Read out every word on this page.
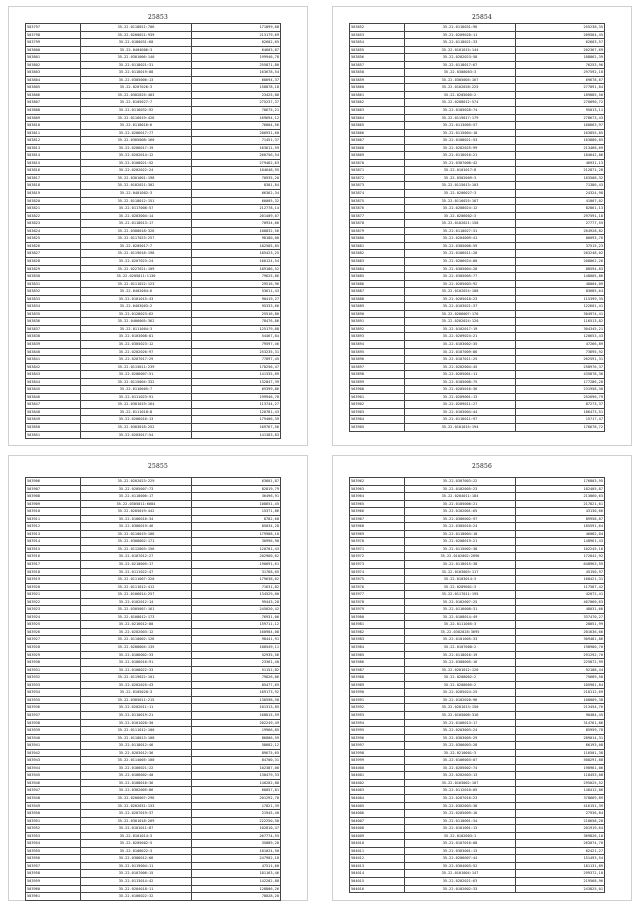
25853
503797	35.22.0118021:706	171899,68
503798	35.22.0200021:939	213179,69
503799	35.22.0180031:68	62602,65
503800	35.22.0404006:3	64603,87
503801	35.22.0301006:140	199946,78
503802	35.22.0118021:31	255871,80
503803	35.22.0118019:88	163678,54
503804	35.22.0305006:13	68694,37
503805	35.22.0207026:3	158878,18
503806	35.22.0302025:403	23425,80
503807	35.22.0105027:7	275237,37
503808	35.22.0116032:92	70675,21
503809	35.22.0116019:426	169694,12
503810	35.22.0118016:6	76804,56
503811	35.22.0206017:77	280931,60
503812	35.22.0305008:160	71451,37
503813	35.22.0206017:19	163611,59
503814	35.22.0202014:12	260756,54
503815	35.22.0108021:52	279462,63
503816	35.22.0202022:24	104648,95
503817	35.22.0301001:198	70935,20
503818	35.22.0102021:302	8301,84
503819	35.22.0401002:3	66362,34
503820	35.22.0118012:151	60005,32
503821	35.22.0117008:57	212778,14
503822	35.22.0203004:14	201409,07
503823	35.22.0118013:17	70934,66
503824	35.22.0308018:326	188832,56
503825	35.22.0117023:257	98180,00
503826	35.22.0205017:7	182585,85
503827	35.22.0119018:198	185423,25
503828	35.22.0207023:24	160124,54
503829	35.22.0227021:109	189186,52
503830	35.22.0205011:1130	79625,86
503831	35.22.0111022:123	29516,96
503832	35.22.0402004:6	53611,43
503833	35.22.0101015:43	90419,27
503834	35.22.0403003:2	95333,66
503835	35.22.0128023:62	25516,80
503836	35.22.0406005:362	78476,86
503837	35.22.0111004:3	125179,88
503838	35.22.0103008:81	54467,84
503839	35.22.0305023:12	79597,46
503840	35.22.0202026:97	253235,31
503841	35.22.0207017:29	77897,45
503842	35.22.0115011:239	178256,47
503843	35.22.0206007:51	141335,89
503844	35.22.0115004:332	132847,39
503845	35.22.0110005:7	65399,86
503846	35.22.0111023:91	199946,78
503847	35.22.0301019:164	113744,27
503848	35.22.0111018:8	120781,43
503849	35.22.0206016:13	179406,39
503850	35.22.0303018:252	169767,56
503851	35.22.0203017:54	141383,83
25854
503852	35.22.0116031:96	255238,35
503853	35.22.0209020:11	209564,45
503854	35.22.0118021:33	62603,57
503855	35.22.0101015:144	202367,69
503856	35.22.0202023:58	188862,39
503857	35.22.0118017:67	76253,96
503858	35.22.0308003:3	297592,18
503859	35.22.0305005:167	69678,67
503860	35.22.0102028:225	277891,84
503861	35.22.0205005:2	189885,50
503862	35.22.0208012:574	270090,72
503863	35.22.0105028:74	95013,11
503864	35.22.0119017:179	278673,43
503865	35.22.0113005:57	160663,97
503866	35.22.0115004:18	163855,85
503867	35.22.0108021:53	163880,85
503868	35.22.0202025:99	213468,69
503869	35.22.0116016:21	184642,86
503870	35.22.0307006:42	46931,13
503871	35.22.0101017:8	212871,28
503872	35.22.0302009:3	183508,32
503873	35.22.0115013:103	71386,43
503874	35.22.0206027:3	24324,98
503875	35.22.0116025:167	41007,02
503876	35.22.0208024:12	82861,13
503877	35.22.0206002:3	297591,18
503878	35.22.0102021:158	27777,55
503879	35.22.0110027:31	264928,82
503880	35.22.0204009:41	80093,76
503881	35.22.0305006:59	37515,23
503882	35.22.0106011:28	263248,02
503883	35.22.0206024:80	208062,26
503884	35.22.0305004:28	88594,83
503885	35.22.0305005:77	148005,86
503886	35.22.0205003:92	48004,09
503887	35.22.0102024:108	83685,64
503888	35.22.0205018:23	115399,35
503889	35.22.0103021:37	122601,41
503890	35.22.0206007:170	304974,41
503891	35.22.0202024:120	116513,82
503892	35.22.0102017:19	304345,21
503893	35.22.0209024:21	120653,43
503894	35.22.0103002:35	47266,89
503895	35.22.0107009:86	73695,92
503896	35.22.0107011:25	262591,31
503897	35.22.0202004:45	258976,37
503898	35.22.0205001:11	435878,36
503899	35.22.0105008:75	177286,20
503900	35.22.0205016:36	231958,30
503901	35.22.0209001:13	252696,79
503902	35.22.0209011:27	87273,37
503903	35.22.0103004:44	186473,51
503904	35.22.0116011:97	15717,47
503905	35.22.0101015:194	176678,72
25855
503906	35.22.0202023:229	63601,87
503907	35.22.0205007:73	82819,79
503908	35.22.0110006:17	36496,91
503909	35.22.0305011:6684	108651,45
503910	35.22.0205019:442	15371,86
503911	35.22.0106016:34	8782,60
503912	35.22.0306019:46	85034,28
503913	35.22.0110019:106	179988,10
503914	35.22.0308002:171	30996,90
503915	35.22.0112003:156	120701,43
503916	35.22.0107012:27	202960,62
503917	35.22.0210005:17	190691,61
503918	35.22.0111022:47	31768,65
503919	35.22.0111007:320	179638,62
503920	35.22.0111012:412	71631,82
503921	35.22.0106014:257	134529,00
503922	35.22.0102012:14	99443,20
503923	35.22.0305007:161	245020,42
503924	35.22.0108012:173	76931,06
503925	35.22.0216012:80	159711,12
503926	35.22.0202003:12	160904,08
503927	35.22.0110002:126	98441,91
503928	35.22.0208004:135	180549,11
503929	35.22.0106002:33	52935,56
503930	35.22.0106016:91	23361,40
503931	35.22.0108022:33	51151,82
503932	35.22.0119022:101	79826,86
503933	35.22.0202025:43	85477,65
503934	35.22.0105020:3	169173,92
503935	35.22.0305011:215	138598,58
503936	35.22.0202011:11	101313,85
503937	35.22.0110019:21	168815,59
503938	35.22.0101020:30	202249,49
503939	35.22.0111012:100	19966,85
503940	35.22.0118013:108	86806,59
503941	35.22.0118012:46	58682,12
503942	35.22.0203012:36	89675,65
503943	35.22.0114005:100	84700,31
503944	35.22.0106021:22	102387,00
503945	35.22.0106002:40	130479,33
503946	35.22.0108016:36	140202,88
503947	35.22.0302005:86	60057,81
503948	35.22.0206007:296	201292,78
503949	35.22.0202031:133	17821,39
503950	35.22.0207019:37	21945,40
503951	35.22.0301018:209	222250,58
503952	35.22.0101011:87	102810,47
503953	35.22.0101014:3	267774,55
503954	35.22.0205002:5	35889,28
503955	35.22.0108022:3	181024,50
503956	35.22.0306012:66	247902,18
503957	35.22.0119004:11	47511,60
503958	35.22.0107006:15	181163,46
503959	35.22.0113014:42	142202,88
503960	35.22.0204018:11	128806,26
503961	35.22.0106022:32	78028,20
25856
503962	35.22.0307003:22	176803,95
503963	35.22.0102005:23	182405,87
503964	35.22.0204011:184	213060,63
503965	35.22.0105006:21	217821,61
503966	35.22.0102001:65	43130,66
503967	35.22.0306002:97	89958,87
503968	35.22.0305010:24	185591,64
503969	35.22.0110004:18	46082,04
503970	35.22.0208019:21	148961,43
503971	35.22.0115002:38	102245,16
503972	35.22.0102002:2696	172042,92
503973	35.22.0118015:38	648963,55
503974	35.22.0103003:117	45150,97
503975	35.22.0103014:3	168421,31
503976	35.22.0209001:3	117587,42
503977	35.22.0117011:195	42072,41
503978	35.22.0102007:25	467060,63
503979	35.22.0116008:31	48031,66
503980	35.22.0108014:49	337470,27
503981	35.22.0111005:3	28051,99
503982	35.22.0302028:3695	201636,66
503983	35.22.0101005:33	309481,86
503984	35.22.0107008:2	198980,70
503985	35.22.0118016:19	291292,70
503986	35.22.0300005:16	225872,99
503987	35.22.0201012:120	92108,44
503988	35.22.0208002:2	75689,58
503989	35.22.0208005:2	105901,84
503990	35.22.0205024:25	218112,69
503991	35.22.0102020:96	108009,38
503992	35.22.0201013:150	213454,76
503993	35.22.0105008:316	90484,45
503994	35.22.0106013:17	314761,86
503995	35.22.0203003:24	85959,78
503996	35.22.0303005:29	289014,31
503997	35.22.0306003:28	66193,08
503998	35.22.0210001:3	116501,38
503999	35.22.0106003:07	508291,88
504000	35.22.0205002:74	198961,06
504001	35.22.0202003:13	118453,08
504002	35.22.0103002:107	295025,52
504003	35.22.0112010:05	148412,86
504004	35.22.0207016:23	378669,89
504005	35.22.0302003:38	416151,39
504006	35.22.0205009:16	27936,84
504007	35.22.0110001:34	218658,28
504008	35.22.0101001:13	201919,64
504009	35.22.0102003:1	369826,10
504010	35.22.0107016:08	263074,70
504011	35.22.0303001:13	62421,27
504012	35.22.0206007:44	151493,54
504013	35.22.0304003:52	181131,89
504014	35.22.0101004:147	299372,10
504015	35.22.0202021:63	219568,96
504016	35.22.0102002:33	243825,01
